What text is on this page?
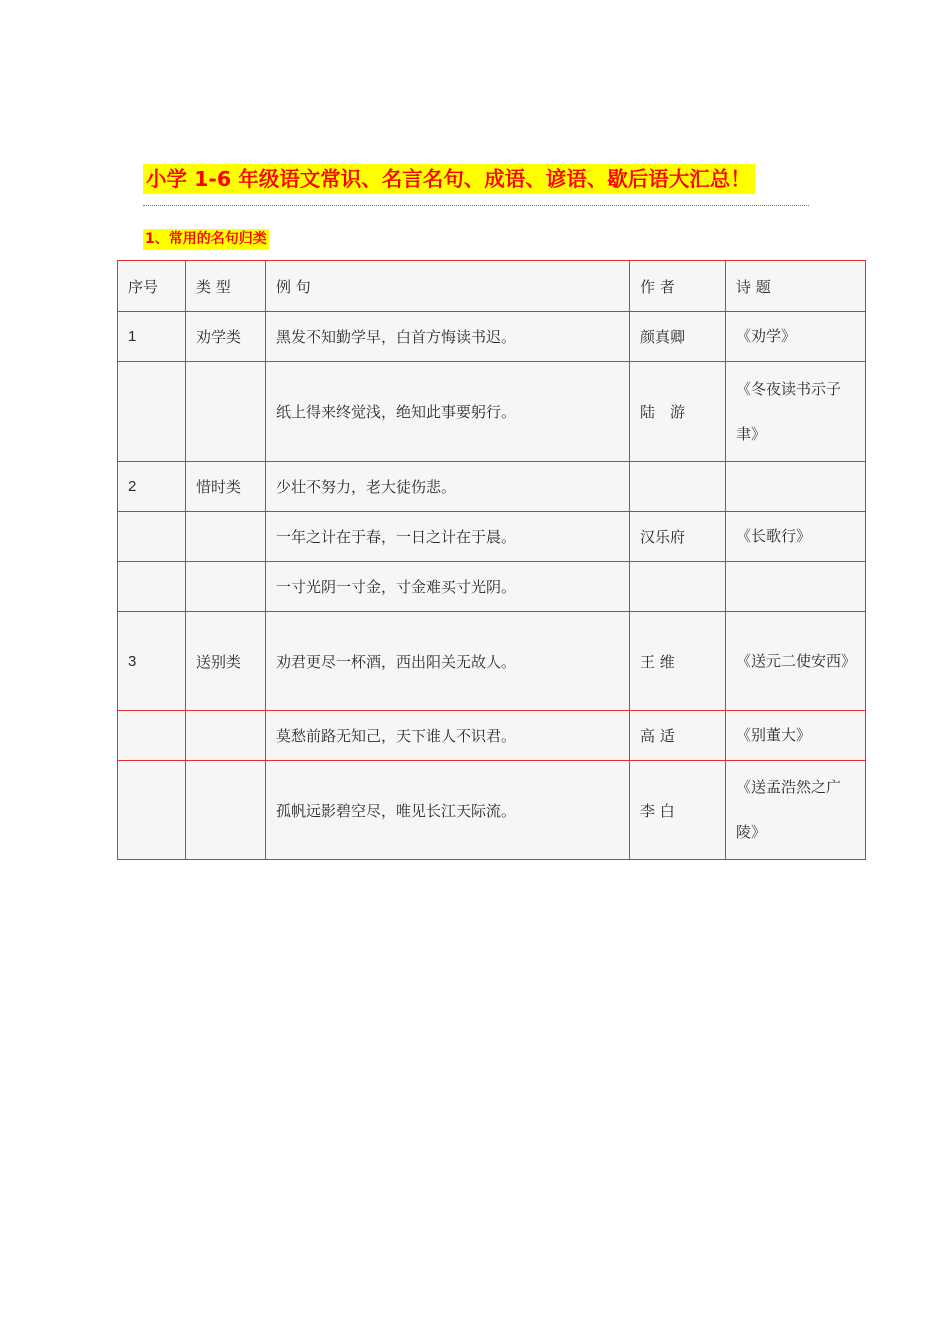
小学 1-6 年级语文常识、名言名句、成语、谚语、歇后语大汇总！
1、常用的名句归类
序号	类 型	例 句	作 者	诗 题
1	劝学类	黑发不知勤学早，白首方悔读书迟。	颜真卿	《劝学》
		纸上得来终觉浅，绝知此事要躬行。	陆　游	《冬夜读书示子聿》
2	惜时类	少壮不努力，老大徒伤悲。		
		一年之计在于春，一日之计在于晨。	汉乐府	《长歌行》
		一寸光阴一寸金，寸金难买寸光阴。		
3	送别类	劝君更尽一杯酒，西出阳关无故人。	王 维	《送元二使安西》
		莫愁前路无知己，天下谁人不识君。	高 适	《别董大》
		孤帆远影碧空尽，唯见长江天际流。	李 白	《送孟浩然之广陵》
